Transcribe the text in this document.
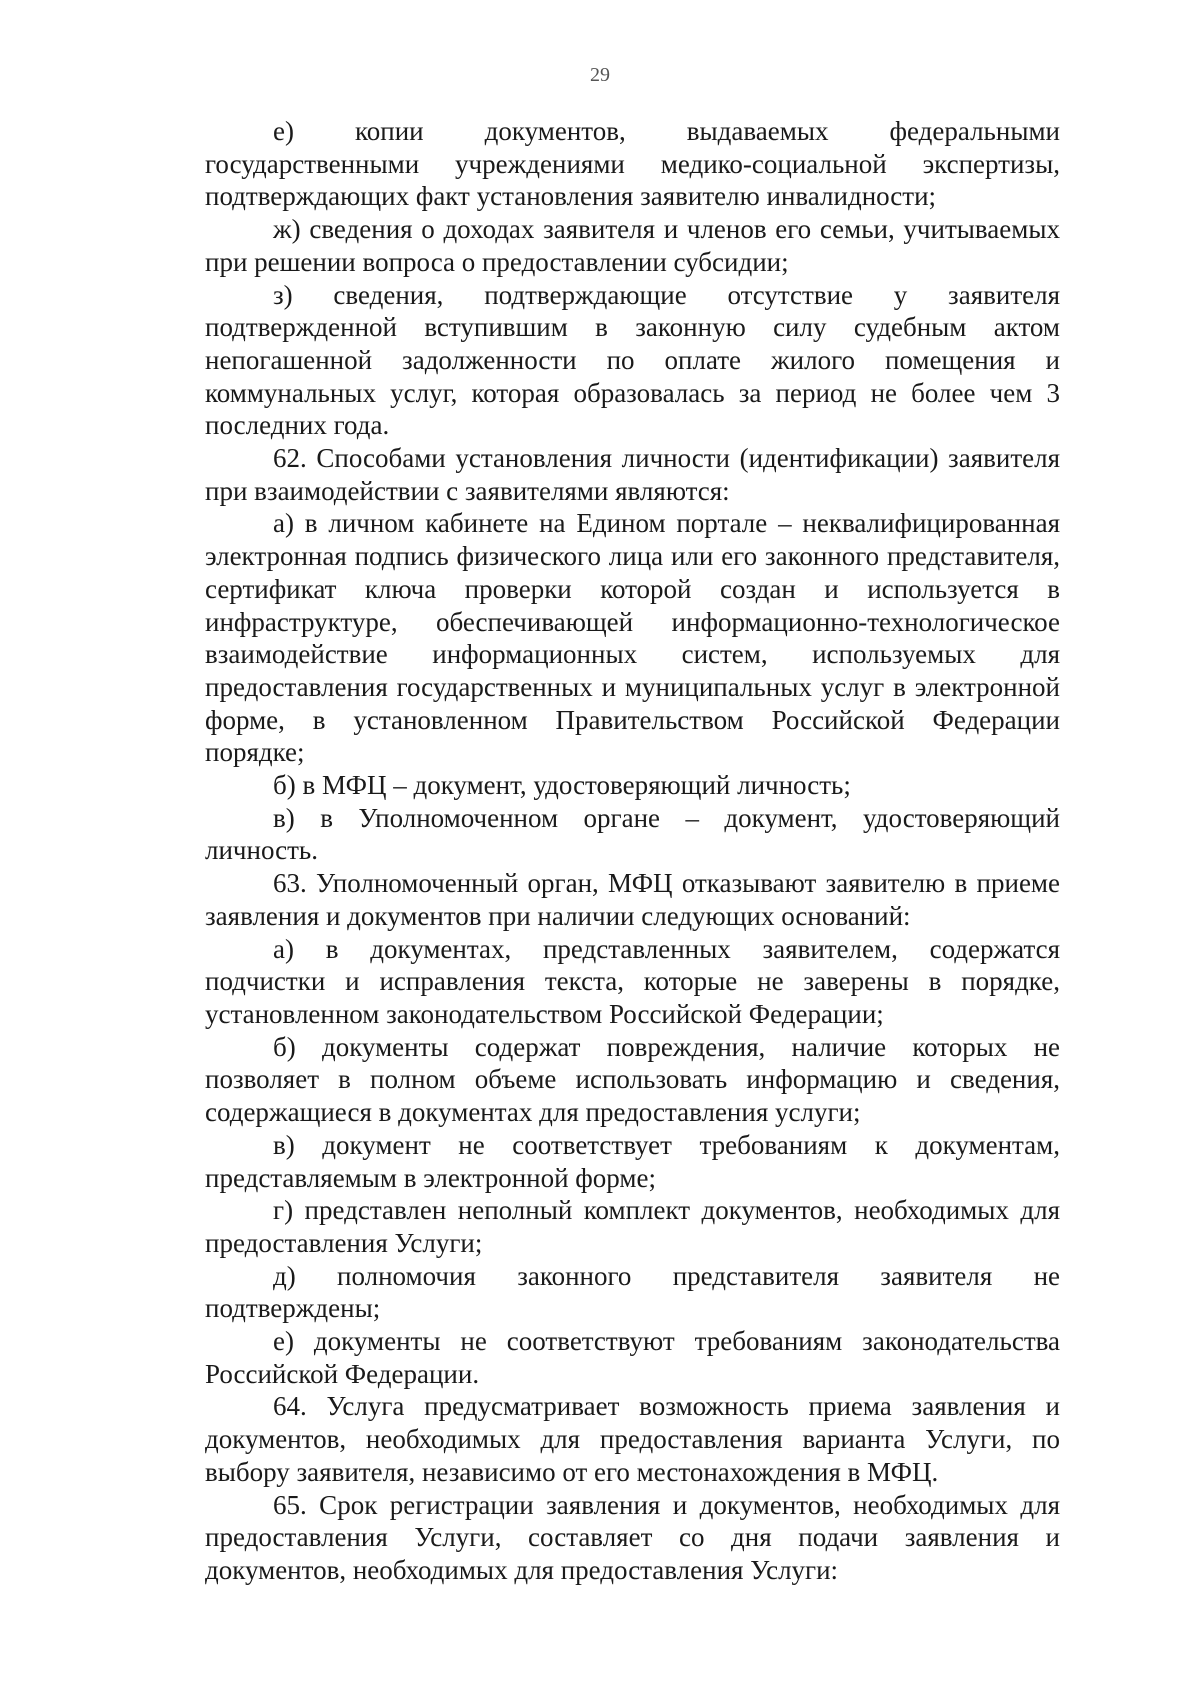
29

е) копии документов, выдаваемых федеральными государственными учреждениями медико-социальной экспертизы, подтверждающих факт установления заявителю инвалидности;

ж) сведения о доходах заявителя и членов его семьи, учитываемых при решении вопроса о предоставлении субсидии;

з) сведения, подтверждающие отсутствие у заявителя подтвержденной вступившим в законную силу судебным актом непогашенной задолженности по оплате жилого помещения и коммунальных услуг, которая образовалась за период не более чем 3 последних года.

62. Способами установления личности (идентификации) заявителя при взаимодействии с заявителями являются:

а) в личном кабинете на Едином портале – неквалифицированная электронная подпись физического лица или его законного представителя, сертификат ключа проверки которой создан и используется в инфраструктуре, обеспечивающей информационно-технологическое взаимодействие информационных систем, используемых для предоставления государственных и муниципальных услуг в электронной форме, в установленном Правительством Российской Федерации порядке;

б) в МФЦ – документ, удостоверяющий личность;

в) в Уполномоченном органе – документ, удостоверяющий личность.

63. Уполномоченный орган, МФЦ отказывают заявителю в приеме заявления и документов при наличии следующих оснований:

а) в документах, представленных заявителем, содержатся подчистки и исправления текста, которые не заверены в порядке, установленном законодательством Российской Федерации;

б) документы содержат повреждения, наличие которых не позволяет в полном объеме использовать информацию и сведения, содержащиеся в документах для предоставления услуги;

в) документ не соответствует требованиям к документам, представляемым в электронной форме;

г) представлен неполный комплект документов, необходимых для предоставления Услуги;

д) полномочия законного представителя заявителя не подтверждены;

е) документы не соответствуют требованиям законодательства Российской Федерации.

64. Услуга предусматривает возможность приема заявления и документов, необходимых для предоставления варианта Услуги, по выбору заявителя, независимо от его местонахождения в МФЦ.

65. Срок регистрации заявления и документов, необходимых для предоставления Услуги, составляет со дня подачи заявления и документов, необходимых для предоставления Услуги:
